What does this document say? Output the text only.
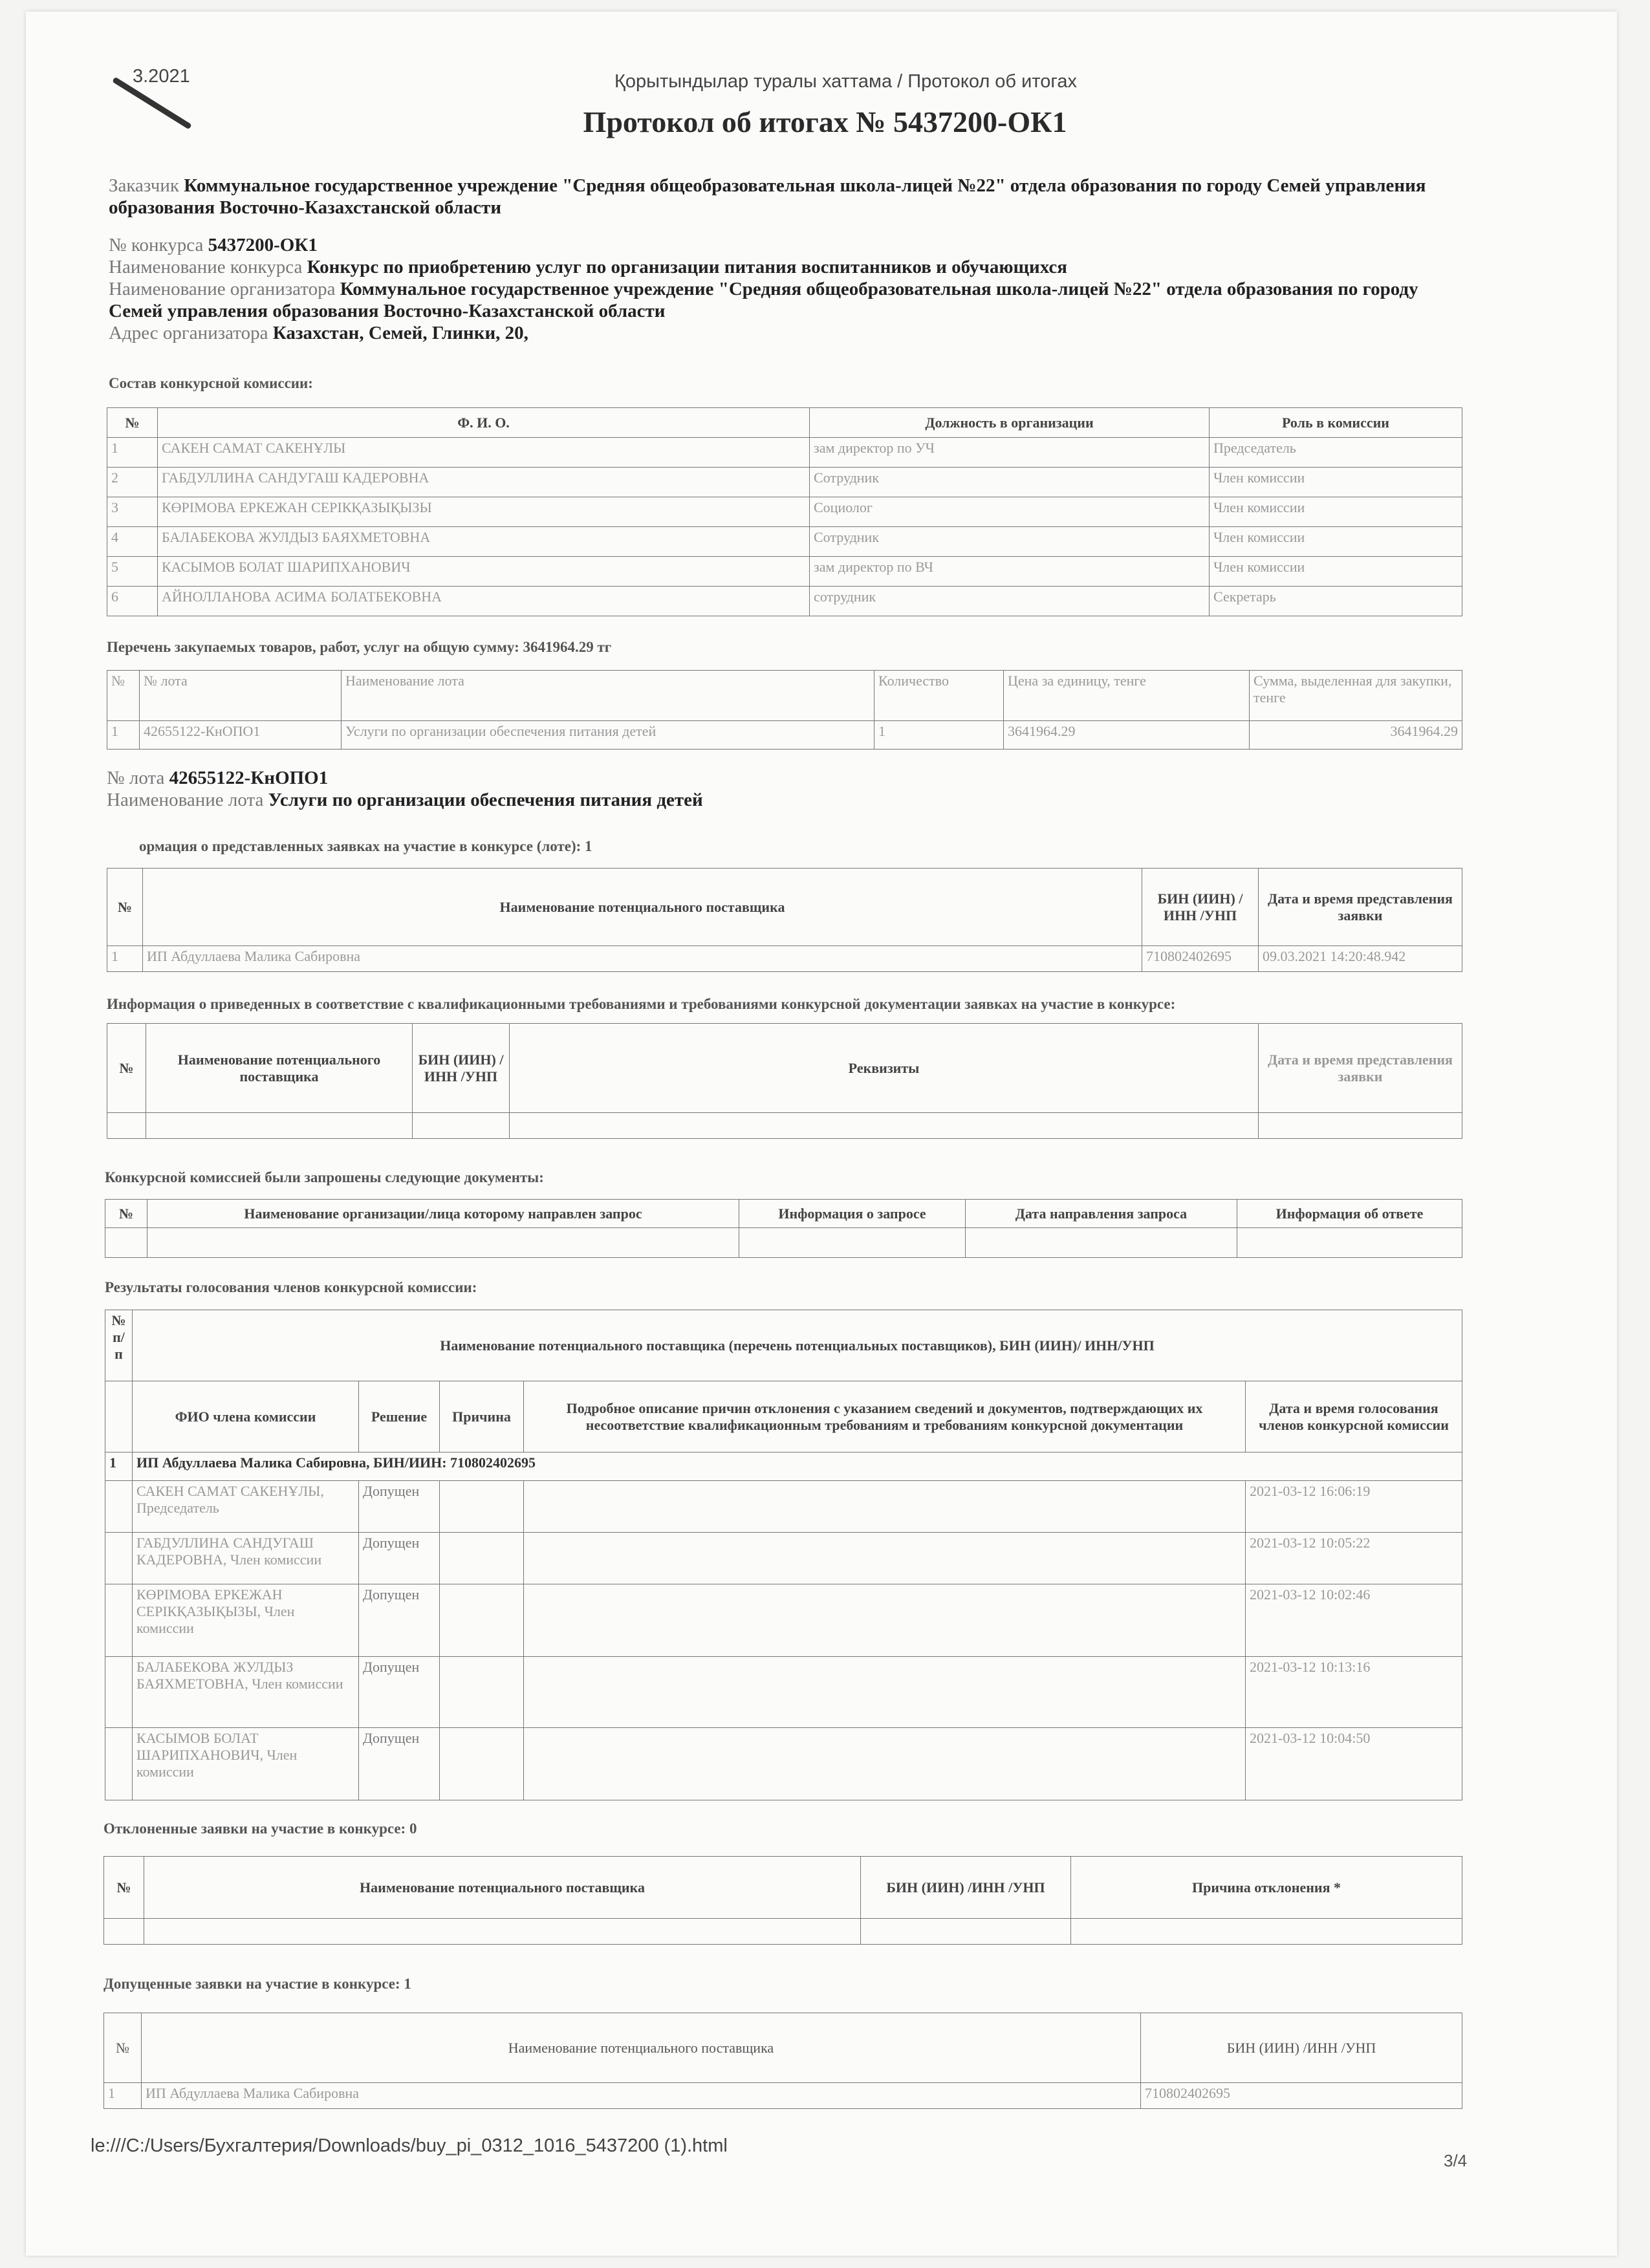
3.2021	Қорытындылар туралы хаттама / Протокол об итогах
Протокол об итогах № 5437200-ОК1
Заказчик Коммунальное государственное учреждение "Средняя общеобразовательная школа-лицей №22" отдела образования по городу Семей управления образования Восточно-Казахстанской области
№ конкурса 5437200-ОК1
Наименование конкурса Конкурс по приобретению услуг по организации питания воспитанников и обучающихся
Наименование организатора Коммунальное государственное учреждение "Средняя общеобразовательная школа-лицей №22" отдела образования по городу Семей управления образования Восточно-Казахстанской области
Адрес организатора Казахстан, Семей, Глинки, 20,
Состав конкурсной комиссии:
№	Ф. И. О.	Должность в организации	Роль в комиссии
1	САКЕН САМАТ САКЕНҰЛЫ	зам директор по УЧ	Председатель
2	ГАБДУЛЛИНА САНДУГАШ КАДЕРОВНА	Сотрудник	Член комиссии
3	КӨРІМОВА ЕРКЕЖАН СЕРІКҚАЗЫҚЫЗЫ	Социолог	Член комиссии
4	БАЛАБЕКОВА ЖУЛДЫЗ БАЯХМЕТОВНА	Сотрудник	Член комиссии
5	КАСЫМОВ БОЛАТ ШАРИПХАНОВИЧ	зам директор по ВЧ	Член комиссии
6	АЙНОЛЛАНОВА АСИМА БОЛАТБЕКОВНА	сотрудник	Секретарь
Перечень закупаемых товаров, работ, услуг на общую сумму: 3641964.29 тг
№	№ лота	Наименование лота	Количество	Цена за единицу, тенге	Сумма, выделенная для закупки, тенге
1	42655122-КнОПО1	Услуги по организации обеспечения питания детей	1	3641964.29	3641964.29
№ лота 42655122-КнОПО1
Наименование лота Услуги по организации обеспечения питания детей
ормация о представленных заявках на участие в конкурсе (лоте): 1
№	Наименование потенциального поставщика	БИН (ИИН) /ИНН /УНП	Дата и время представления заявки
1	ИП Абдуллаева Малика Сабировна	710802402695	09.03.2021 14:20:48.942
Информация о приведенных в соответствие с квалификационными требованиями и требованиями конкурсной документации заявках на участие в конкурсе:
№	Наименование потенциального поставщика	БИН (ИИН) /ИНН /УНП	Реквизиты	Дата и время представления заявки

Конкурсной комиссией были запрошены следующие документы:
№	Наименование организации/лица которому направлен запрос	Информация о запросе	Дата направления запроса	Информация об ответе

Результаты голосования членов конкурсной комиссии:
№ п/п	Наименование потенциального поставщика (перечень потенциальных поставщиков), БИН (ИИН)/ ИНН/УНП				
	ФИО члена комиссии	Решение	Причина	Подробное описание причин отклонения с указанием сведений и документов, подтверждающих их несоответствие квалификационным требованиям и требованиям конкурсной документации	Дата и время голосования членов конкурсной комиссии
1	ИП Абдуллаева Малика Сабировна, БИН/ИИН: 710802402695				
	САКЕН САМАТ САКЕНҰЛЫ, Председатель	Допущен			2021-03-12 16:06:19
	ГАБДУЛЛИНА САНДУГАШ КАДЕРОВНА, Член комиссии	Допущен			2021-03-12 10:05:22
	КӨРІМОВА ЕРКЕЖАН СЕРІКҚАЗЫҚЫЗЫ, Член комиссии	Допущен			2021-03-12 10:02:46
	БАЛАБЕКОВА ЖУЛДЫЗ БАЯХМЕТОВНА, Член комиссии	Допущен			2021-03-12 10:13:16
	КАСЫМОВ БОЛАТ ШАРИПХАНОВИЧ, Член комиссии	Допущен			2021-03-12 10:04:50
Отклоненные заявки на участие в конкурсе: 0
№	Наименование потенциального поставщика	БИН (ИИН) /ИНН /УНП	Причина отклонения *

Допущенные заявки на участие в конкурсе: 1
№	Наименование потенциального поставщика	БИН (ИИН) /ИНН /УНП
1	ИП Абдуллаева Малика Сабировна	710802402695
le:///C:/Users/Бухгалтерия/Downloads/buy_pi_0312_1016_5437200 (1).html
3/4
